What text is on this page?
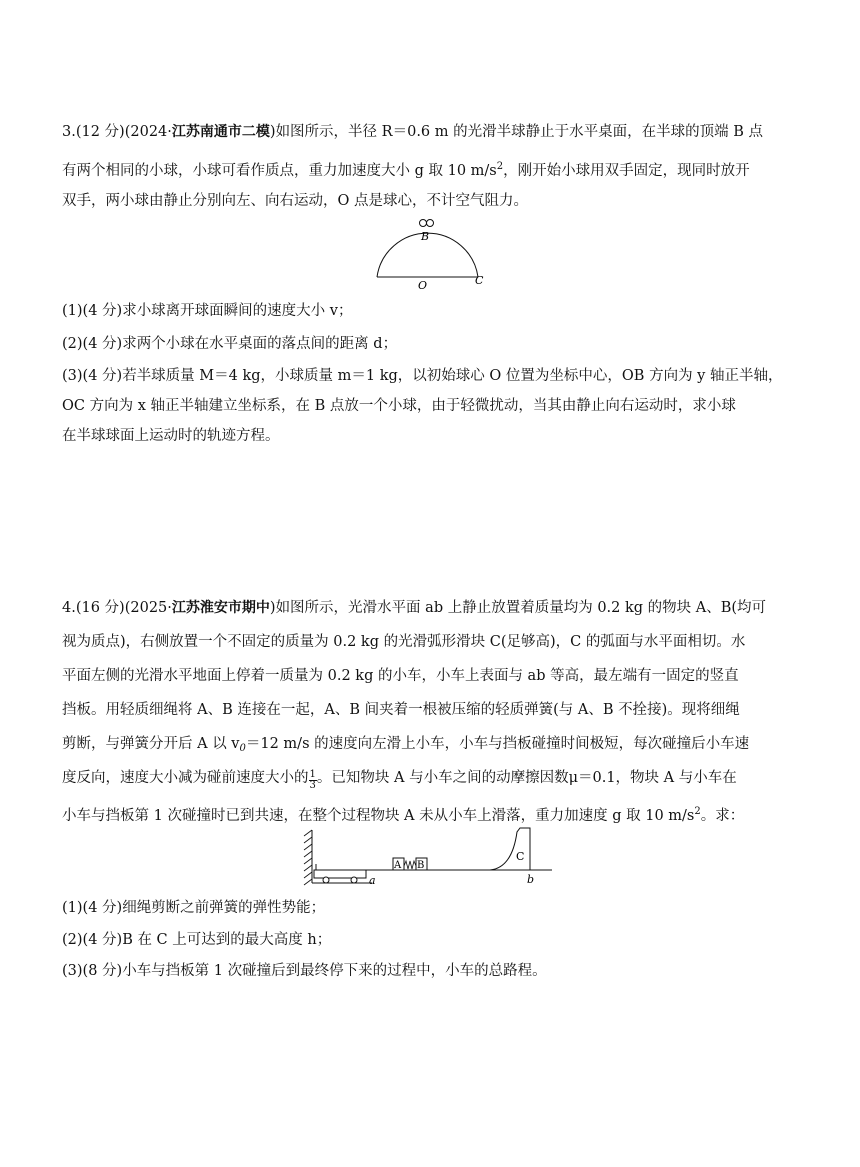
3.(12 分)(2024·江苏南通市二模)如图所示，半径 R＝0.6 m 的光滑半球静止于水平桌面，在半球的顶端 B 点
有两个相同的小球，小球可看作质点，重力加速度大小 g 取 10 $m/s^2$，刚开始小球用双手固定，现同时放开
双手，两小球由静止分别向左、向右运动，O 点是球心，不计空气阻力。
B
O	C
(1)(4 分)求小球离开球面瞬间的速度大小 v；
(2)(4 分)求两个小球在水平桌面的落点间的距离 d；
(3)(4 分)若半球质量 M＝4 kg，小球质量 m＝1 kg，以初始球心 O 位置为坐标中心，OB 方向为 y 轴正半轴，
OC 方向为 x 轴正半轴建立坐标系，在 B 点放一个小球，由于轻微扰动，当其由静止向右运动时，求小球
在半球球面上运动时的轨迹方程。
4.(16 分)(2025·江苏淮安市期中)如图所示，光滑水平面 ab 上静止放置着质量均为 0.2 kg 的物块 A、B(均可
视为质点)，右侧放置一个不固定的质量为 0.2 kg 的光滑弧形滑块 C(足够高)，C 的弧面与水平面相切。水
平面左侧的光滑水平地面上停着一质量为 0.2 kg 的小车，小车上表面与 ab 等高，最左端有一固定的竖直
挡板。用轻质细绳将 A、B 连接在一起，A、B 间夹着一根被压缩的轻质弹簧(与 A、B 不拴接)。现将细绳
剪断，与弹簧分开后 A 以 $v_0=12$ m/s 的速度向左滑上小车，小车与挡板碰撞时间极短，每次碰撞后小车速
度反向，速度大小减为碰前速度大小的 $\frac{1}{3}$ 。已知物块 A 与小车之间的动摩擦因数μ＝0.1，物块 A 与小车在
小车与挡板第 1 次碰撞时已到共速，在整个过程物块 A 未从小车上滑落，重力加速度 g 取 10 $m/s^2$。求：
a
A B
C
b
(1)(4 分)细绳剪断之前弹簧的弹性势能；
(2)(4 分)B 在 C 上可达到的最大高度 h；
(3)(8 分)小车与挡板第 1 次碰撞后到最终停下来的过程中，小车的总路程。
